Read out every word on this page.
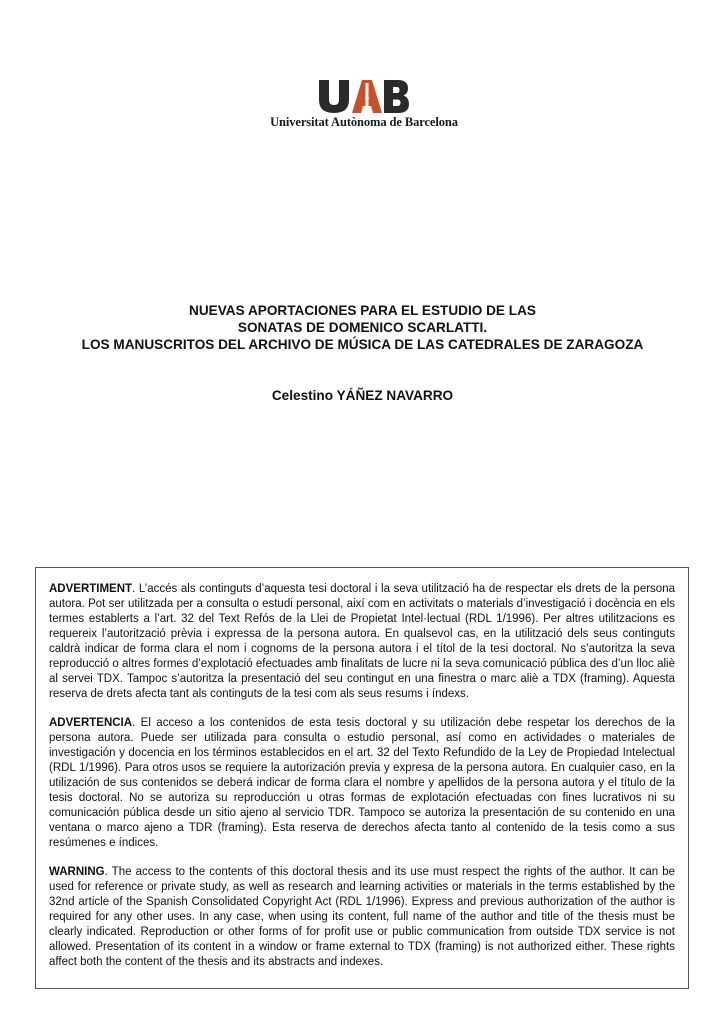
Universitat Autònoma de Barcelona
NUEVAS APORTACIONES PARA EL ESTUDIO DE LAS
SONATAS DE DOMENICO SCARLATTI.
LOS MANUSCRITOS DEL ARCHIVO DE MÚSICA DE LAS CATEDRALES DE ZARAGOZA
Celestino YÁÑEZ NAVARRO

ADVERTIMENT. L’accés als continguts d’aquesta tesi doctoral i la seva utilització ha de respectar els drets de la persona autora. Pot ser utilitzada per a consulta o estudi personal, així com en activitats o materials d’investigació i docència en els termes establerts a l’art. 32 del Text Refós de la Llei de Propietat Intel·lectual (RDL 1/1996). Per altres utilitzacions es requereix l’autorització prèvia i expressa de la persona autora. En qualsevol cas, en la utilització dels seus continguts caldrà indicar de forma clara el nom i cognoms de la persona autora i el títol de la tesi doctoral. No s’autoritza la seva reproducció o altres formes d’explotació efectuades amb finalitats de lucre ni la seva comunicació pública des d’un lloc aliè al servei TDX. Tampoc s’autoritza la presentació del seu contingut en una finestra o marc aliè a TDX (framing). Aquesta reserva de drets afecta tant als continguts de la tesi com als seus resums i índexs.

ADVERTENCIA. El acceso a los contenidos de esta tesis doctoral y su utilización debe respetar los derechos de la persona autora. Puede ser utilizada para consulta o estudio personal, así como en actividades o materiales de investigación y docencia en los términos establecidos en el art. 32 del Texto Refundido de la Ley de Propiedad Intelectual (RDL 1/1996). Para otros usos se requiere la autorización previa y expresa de la persona autora. En cualquier caso, en la utilización de sus contenidos se deberá indicar de forma clara el nombre y apellidos de la persona autora y el título de la tesis doctoral. No se autoriza su reproducción u otras formas de explotación efectuadas con fines lucrativos ni su comunicación pública desde un sitio ajeno al servicio TDR. Tampoco se autoriza la presentación de su contenido en una ventana o marco ajeno a TDR (framing). Esta reserva de derechos afecta tanto al contenido de la tesis como a sus resúmenes e índices.

WARNING. The access to the contents of this doctoral thesis and its use must respect the rights of the author. It can be used for reference or private study, as well as research and learning activities or materials in the terms established by the 32nd article of the Spanish Consolidated Copyright Act (RDL 1/1996). Express and previous authorization of the author is required for any other uses. In any case, when using its content, full name of the author and title of the thesis must be clearly indicated. Reproduction or other forms of for profit use or public communication from outside TDX service is not allowed. Presentation of its content in a window or frame external to TDX (framing) is not authorized either. These rights affect both the content of the thesis and its abstracts and indexes.
